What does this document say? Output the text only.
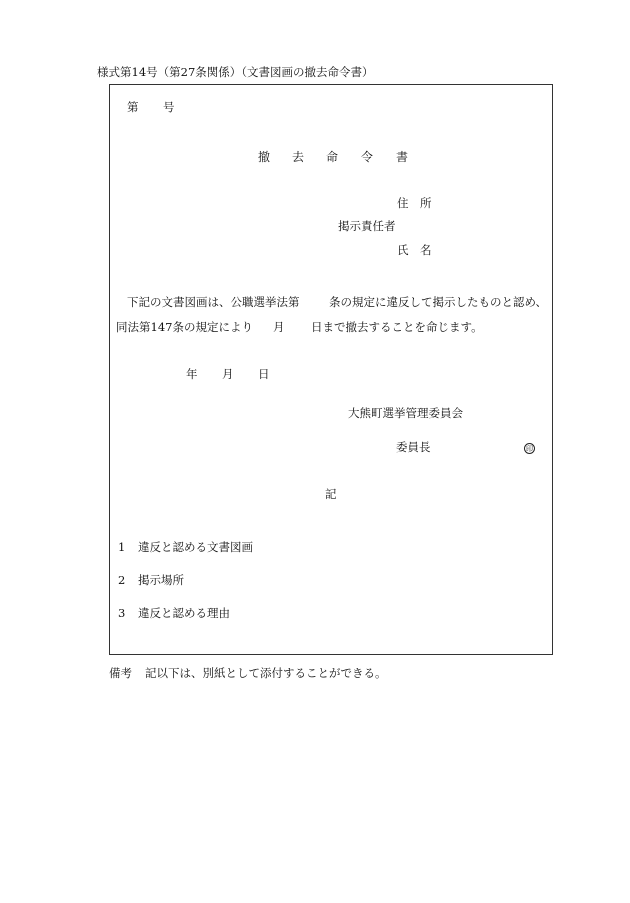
様式第14号（第27条関係）（文書図画の撤去命令書）
第 号
撤 去 命 令 書
住　所
掲示責任者
氏　名
下記の文書図画は、公職選挙法第	条の規定に違反して掲示したものと認め、
同法第147条の規定により 月 日まで撤去することを命じます。
年 月 日
大熊町選挙管理委員会
委員長	印
記
1 違反と認める文書図画
2 掲示場所
3 違反と認める理由
備考 記以下は、別紙として添付することができる。
